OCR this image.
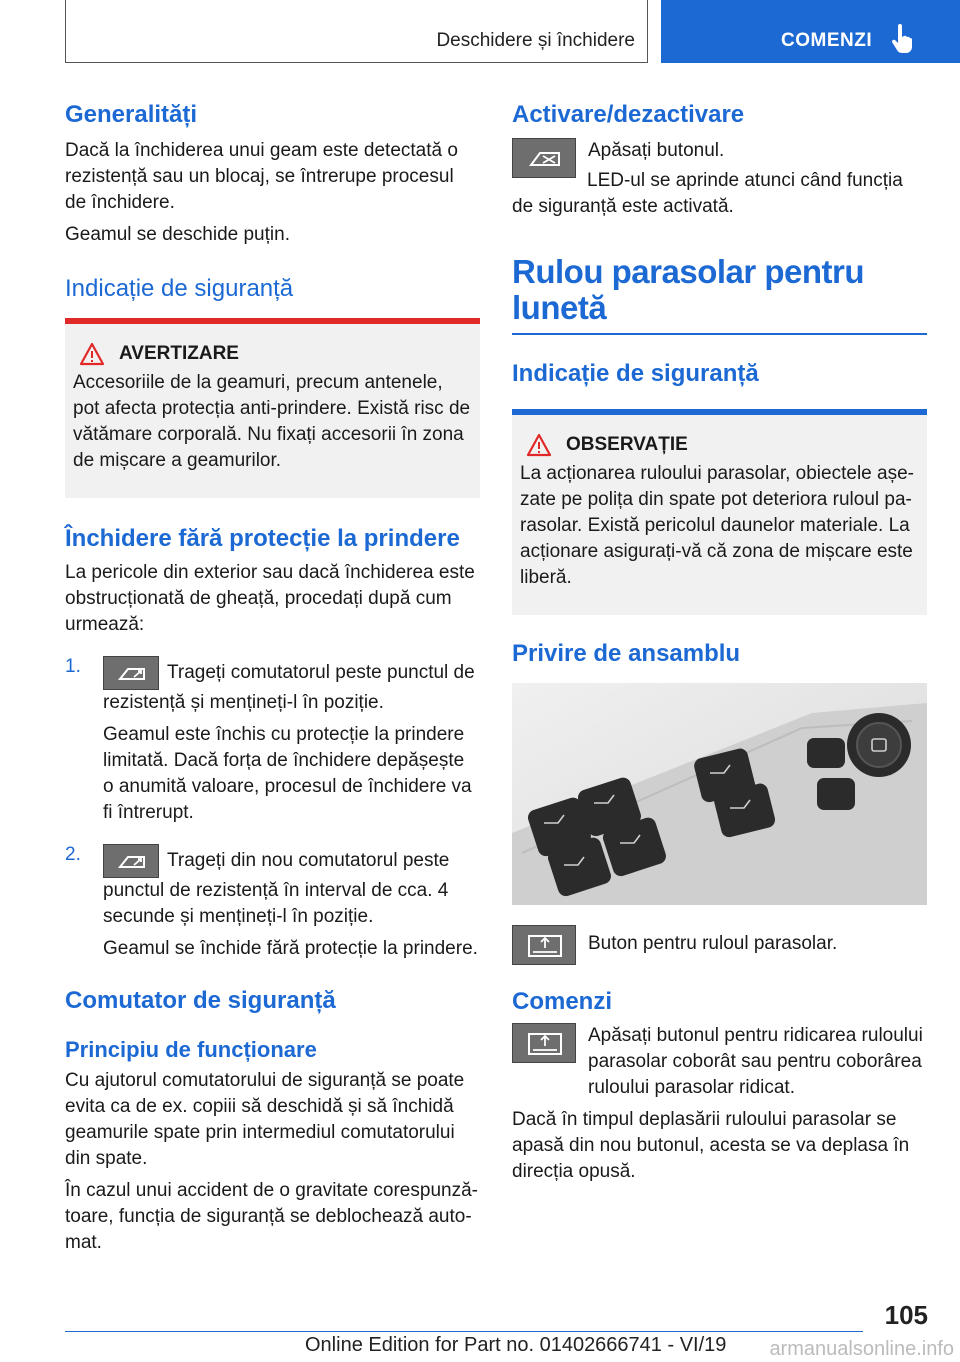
Deschidere și închidere	COMENZI
Generalități

Dacă la închiderea unui geam este detectată o rezistență sau un blocaj, se întrerupe procesul de închidere.

Geamul se deschide puțin.

Indicație de siguranță
AVERTIZARE

Accesoriile de la geamuri, precum antenele, pot afecta protecția anti-prindere. Există risc de vătămare corporală. Nu fixați accesorii în zona de mișcare a geamurilor.

Închidere fără protecție la prindere

La pericole din exterior sau dacă închiderea este obstrucționată de gheață, procedați după cum urmează:

1.	Trageți comutatorul peste punctul de rezistență și mențineți-l în poziție.

Geamul este închis cu protecție la prindere limitată. Dacă forța de închidere depășește o anumită valoare, procesul de închidere va fi întrerupt.

2.	Trageți din nou comutatorul peste punctul de rezistență în interval de cca. 4 secunde și mențineți-l în poziție.

Geamul se închide fără protecție la prindere.

Comutator de siguranță
Principiu de funcționare

Cu ajutorul comutatorului de siguranță se poate evita ca de ex. copiii să deschidă și să închidă geamurile spate prin intermediul comutatorului din spate.

În cazul unui accident de o gravitate corespunzătoare, funcția de siguranță se deblochează automat.

Activare/dezactivare

Apăsați butonul.

LED-ul se aprinde atunci când funcția de siguranță este activată.

Rulou parasolar pentru lunetă
Indicație de siguranță
OBSERVAȚIE

La acționarea ruloului parasolar, obiectele așezate pe polița din spate pot deteriora ruloul parasolar. Există pericolul daunelor materiale. La acționare asigurați-vă că zona de mișcare este liberă.

Privire de ansamblu

Buton pentru ruloul parasolar.

Comenzi

Apăsați butonul pentru ridicarea ruloului parasolar coborât sau pentru coborârea ruloului parasolar ridicat.

Dacă în timpul deplasării ruloului parasolar se apasă din nou butonul, acesta se va deplasa în direcția opusă.

105
Online Edition for Part no. 01402666741 - VI/19 armanualsonline.info
